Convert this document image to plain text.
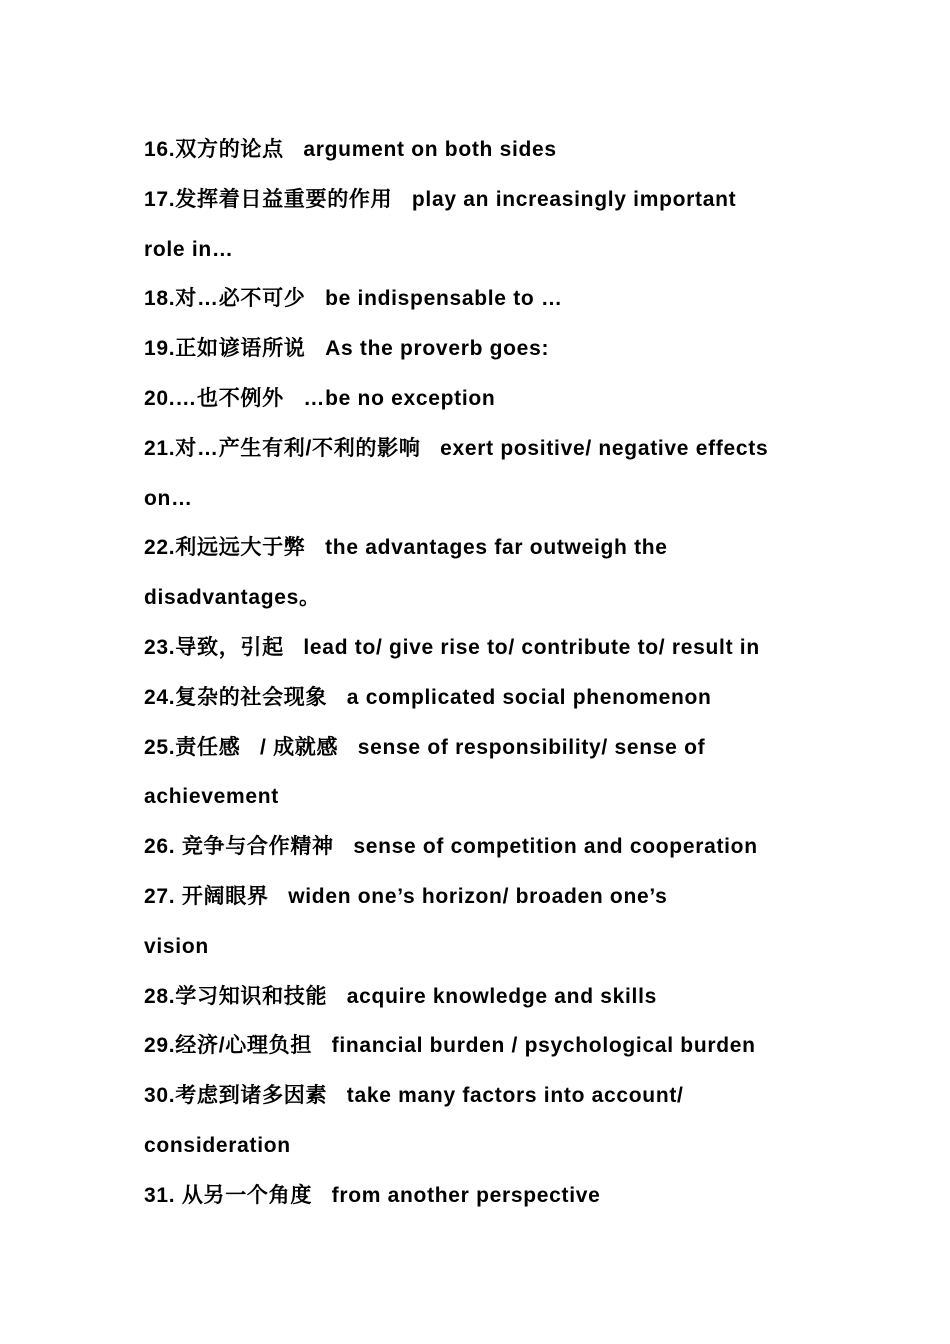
16.双方的论点   argument on both sides
17.发挥着日益重要的作用   play an increasingly important
role in…
18.对…必不可少   be indispensable to …
19.正如谚语所说   As the proverb goes:
20.…也不例外   …be no exception
21.对…产生有利/不利的影响   exert positive/ negative effects
on…
22.利远远大于弊   the advantages far outweigh the
disadvantages。
23.导致，引起   lead to/ give rise to/ contribute to/ result in
24.复杂的社会现象   a complicated social phenomenon
25.责任感   / 成就感   sense of responsibility/ sense of
achievement
26. 竞争与合作精神   sense of competition and cooperation
27. 开阔眼界   widen one’s horizon/ broaden one’s
vision
28.学习知识和技能   acquire knowledge and skills
29.经济/心理负担   financial burden / psychological burden
30.考虑到诸多因素   take many factors into account/
consideration
31. 从另一个角度   from another perspective
